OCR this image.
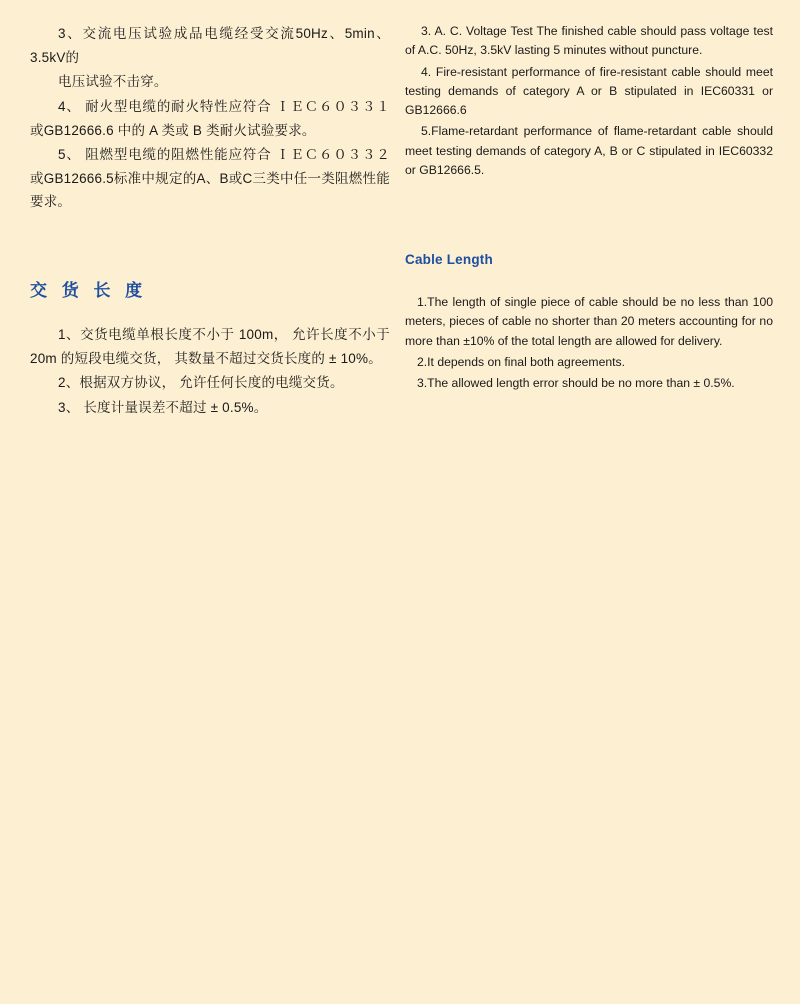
3、交流电压试验成品电缆经受交流50Hz、5min、3.5kV的

电压试验不击穿。

4、 耐火型电缆的耐火特性应符合 ＩＥＣ６０３３１ 或GB12666.6 中的 A 类或 B 类耐火试验要求。

5、 阻燃型电缆的阻燃性能应符合 ＩＥＣ６０３３２ 或GB12666.5标准中规定的A、B或C三类中任一类阻燃性能要求。

交 货 长 度

1、交货电缆单根长度不小于 100m， 允许长度不小于20m 的短段电缆交货， 其数量不超过交货长度的 ± 10%。

2、根据双方协议， 允许任何长度的电缆交货。

3、 长度计量误差不超过 ± 0.5%。

3. A. C. Voltage Test The finished cable should pass voltage test of A.C. 50Hz, 3.5kV lasting 5 minutes without puncture.

4. Fire-resistant performance of fire-resistant cable should meet testing demands of category A or B stipulated in IEC60331 or GB12666.6

5.Flame-retardant performance of flame-retardant cable should meet testing demands of category A, B or C stipulated in IEC60332 or GB12666.5.

Cable Length

1.The length of single piece of cable should be no less than 100 meters, pieces of cable no shorter than 20 meters accounting for no more than ±10% of the total length are allowed for delivery.

2.It depends on final both agreements.

3.The allowed length error should be no more than ± 0.5%.
